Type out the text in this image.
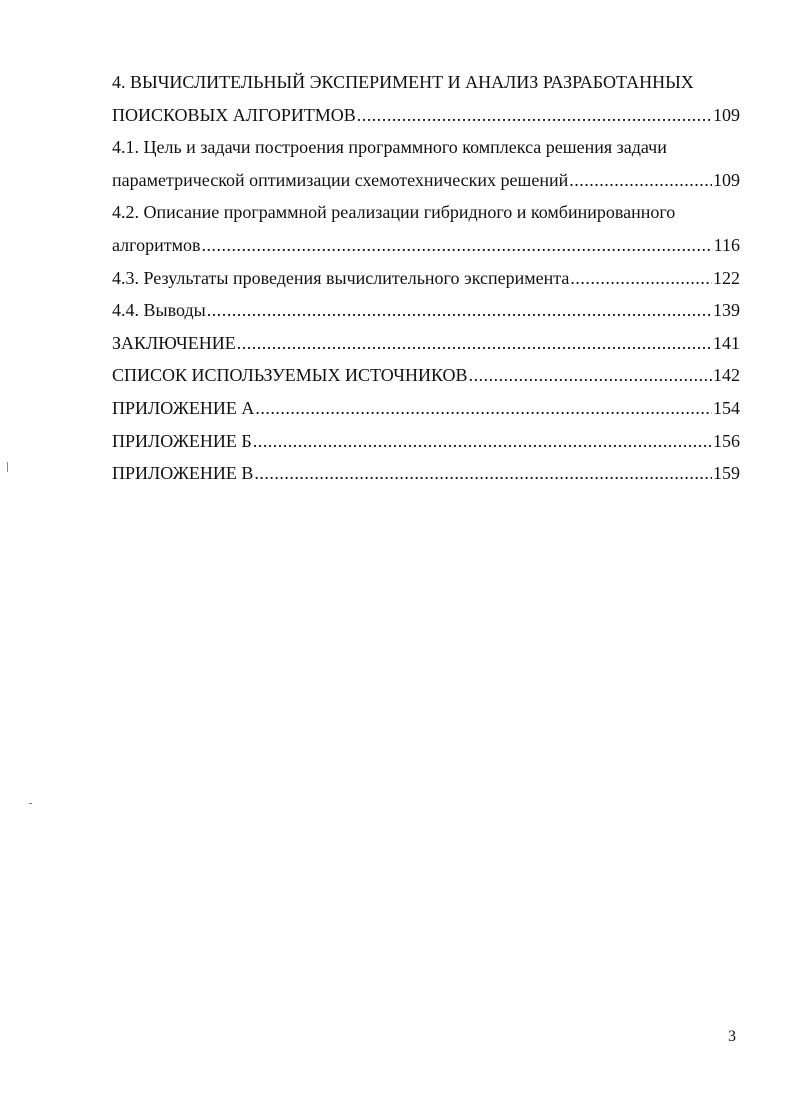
4. ВЫЧИСЛИТЕЛЬНЫЙ ЭКСПЕРИМЕНТ И АНАЛИЗ РАЗРАБОТАННЫХ
ПОИСКОВЫХ АЛГОРИТМОВ .....	109
4.1. Цель и задачи построения программного комплекса решения задачи
параметрической оптимизации схемотехнических решений .....	109
4.2. Описание программной реализации гибридного и комбинированного
алгоритмов .....	116
4.3. Результаты проведения вычислительного эксперимента .....	122
4.4. Выводы .....	139
ЗАКЛЮЧЕНИЕ .....	141
СПИСОК ИСПОЛЬЗУЕМЫХ ИСТОЧНИКОВ .....	142
ПРИЛОЖЕНИЕ А .....	154
ПРИЛОЖЕНИЕ Б .....	156
ПРИЛОЖЕНИЕ В .....	159
3
